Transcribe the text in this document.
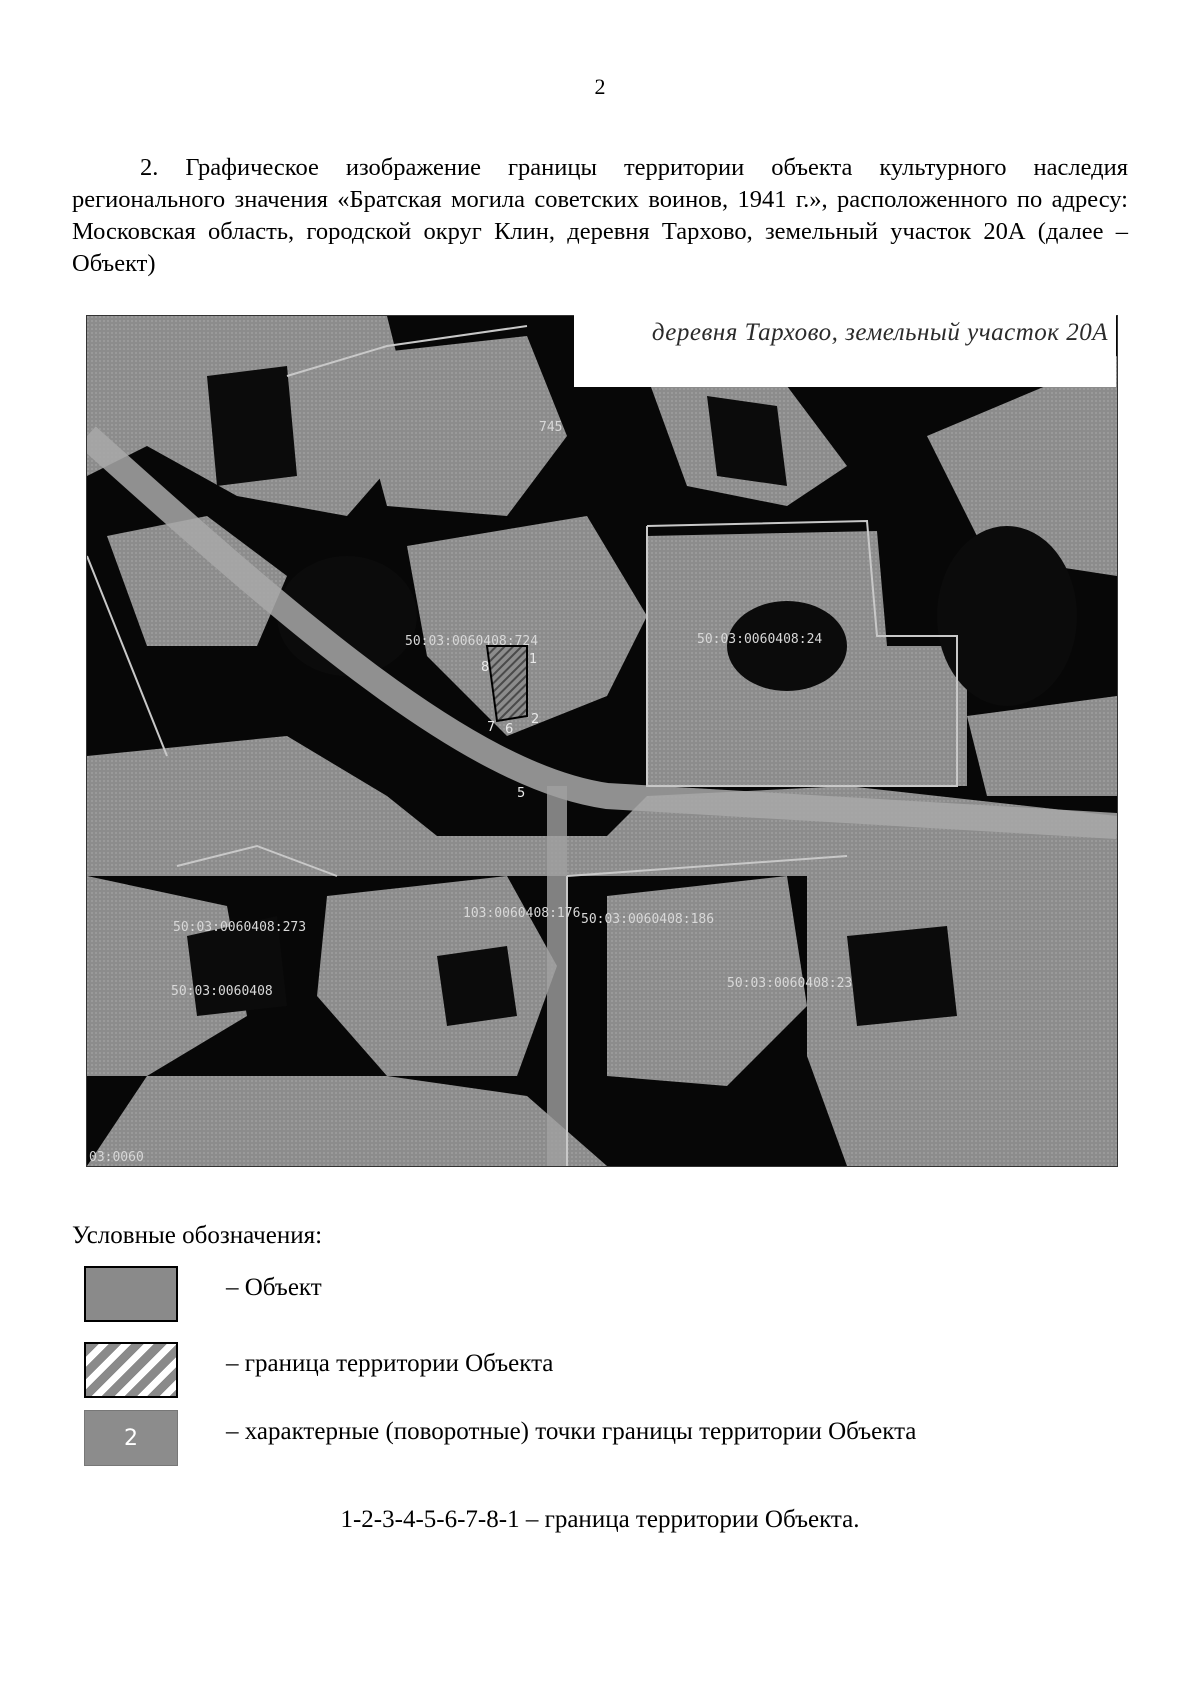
2

2. Графическое изображение границы территории объекта культурного наследия регионального значения «Братская могила советских воинов, 1941 г.», расположенного по адресу: Московская область, городской округ Клин, деревня Тархово, земельный участок 20А (далее – Объект)

50:03:0060408:724	50:03:0060408:24
50:03:0060408:273
103:0060408:176 50:03:0060408:186
50:03:0060408:23
50:03:0060408
03:0060
745
8
1
7 6
2
5
деревня Тархово, земельный участок 20А
Условные обозначения:
– Объект
– граница территории Объекта
2	– характерные (поворотные) точки границы территории Объекта
1-2-3-4-5-6-7-8-1 – граница территории Объекта.
